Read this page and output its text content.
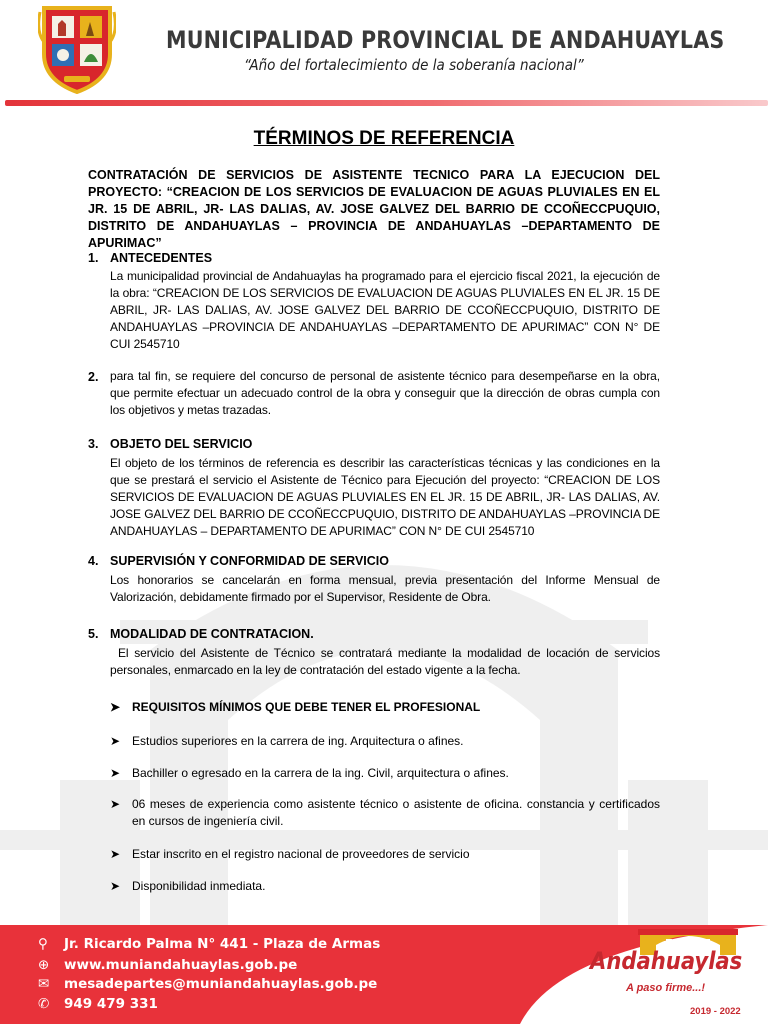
MUNICIPALIDAD PROVINCIAL DE ANDAHUAYLAS
“Año del fortalecimiento de la soberanía nacional”
TÉRMINOS DE REFERENCIA

CONTRATACIÓN DE SERVICIOS DE ASISTENTE TECNICO PARA LA EJECUCION DEL PROYECTO: “CREACION DE LOS SERVICIOS DE EVALUACION DE AGUAS PLUVIALES EN EL JR. 15 DE ABRIL, JR- LAS DALIAS, AV. JOSE GALVEZ DEL BARRIO DE CCOÑECCPUQUIO, DISTRITO DE ANDAHUAYLAS – PROVINCIA DE ANDAHUAYLAS –DEPARTAMENTO DE APURIMAC”

1. ANTECEDENTES

La municipalidad provincial de Andahuaylas ha programado para el ejercicio fiscal 2021, la ejecución de la obra: “CREACION DE LOS SERVICIOS DE EVALUACION DE AGUAS PLUVIALES EN EL JR. 15 DE ABRIL, JR- LAS DALIAS, AV. JOSE GALVEZ DEL BARRIO DE CCOÑECCPUQUIO, DISTRITO DE ANDAHUAYLAS –PROVINCIA DE ANDAHUAYLAS –DEPARTAMENTO DE APURIMAC” CON N° DE CUI 2545710

2. para tal fin, se requiere del concurso de personal de asistente técnico para desempeñarse en la obra, que permite efectuar un adecuado control de la obra y conseguir que la dirección de obras cumpla con los objetivos y metas trazadas.

3. OBJETO DEL SERVICIO

El objeto de los términos de referencia es describir las características técnicas y las condiciones en la que se prestará el servicio el Asistente de Técnico para Ejecución del proyecto: “CREACION DE LOS SERVICIOS DE EVALUACION DE AGUAS PLUVIALES EN EL JR. 15 DE ABRIL, JR- LAS DALIAS, AV. JOSE GALVEZ DEL BARRIO DE CCOÑECCPUQUIO, DISTRITO DE ANDAHUAYLAS –PROVINCIA DE ANDAHUAYLAS – DEPARTAMENTO DE APURIMAC” CON N° DE CUI 2545710

4. SUPERVISIÓN Y CONFORMIDAD DE SERVICIO

Los honorarios se cancelarán en forma mensual, previa presentación del Informe Mensual de Valorización, debidamente firmado por el Supervisor, Residente de Obra.

5. MODALIDAD DE CONTRATACION.

El servicio del Asistente de Técnico se contratará mediante la modalidad de locación de servicios personales, enmarcado en la ley de contratación del estado vigente a la fecha.

➤ REQUISITOS MÍNIMOS QUE DEBE TENER EL PROFESIONAL
➤ Estudios superiores en la carrera de ing. Arquitectura o afines.
➤ Bachiller o egresado en la carrera de la ing. Civil, arquitectura o afines.
➤ 06 meses de experiencia como asistente técnico o asistente de oficina. constancia y certificados en cursos de ingeniería civil.
➤ Estar inscrito en el registro nacional de proveedores de servicio
➤ Disponibilidad inmediata.
⚲ Jr. Ricardo Palma N° 441 - Plaza de Armas
⊕ www.muniandahuaylas.gob.pe
✉ mesadepartes@muniandahuaylas.gob.pe
✆ 949 479 331
Andahuaylas
A paso firme...!
2019 - 2022
